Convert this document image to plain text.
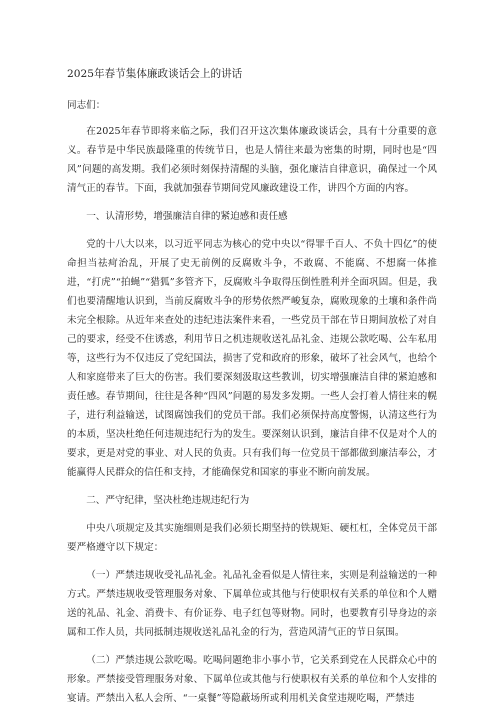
2025年春节集体廉政谈话会上的讲话
同志们：

在2025年春节即将来临之际，我们召开这次集体廉政谈话会，具有十分重要的意义。春节是中华民族最隆重的传统节日，也是人情往来最为密集的时期，同时也是“四风”问题的高发期。我们必须时刻保持清醒的头脑，强化廉洁自律意识，确保过一个风清气正的春节。下面，我就加强春节期间党风廉政建设工作，讲四个方面的内容。

一、认清形势，增强廉洁自律的紧迫感和责任感

党的十八大以来，以习近平同志为核心的党中央以“得罪千百人、不负十四亿”的使命担当祛疴治乱，开展了史无前例的反腐败斗争，不敢腐、不能腐、不想腐一体推进，“打虎”“拍蝇”“猎狐”多管齐下，反腐败斗争取得压倒性胜利并全面巩固。但是，我们也要清醒地认识到，当前反腐败斗争的形势依然严峻复杂，腐败现象的土壤和条件尚未完全根除。从近年来查处的违纪违法案件来看，一些党员干部在节日期间放松了对自己的要求，经受不住诱惑，利用节日之机违规收送礼品礼金、违规公款吃喝、公车私用等，这些行为不仅违反了党纪国法，损害了党和政府的形象，破坏了社会风气，也给个人和家庭带来了巨大的伤害。我们要深刻汲取这些教训，切实增强廉洁自律的紧迫感和责任感。春节期间，往往是各种“四风”问题的易发多发期。一些人会打着人情往来的幌子，进行利益输送，试图腐蚀我们的党员干部。我们必须保持高度警惕，认清这些行为的本质，坚决杜绝任何违规违纪行为的发生。要深刻认识到，廉洁自律不仅是对个人的要求，更是对党的事业、对人民的负责。只有我们每一位党员干部都做到廉洁奉公，才能赢得人民群众的信任和支持，才能确保党和国家的事业不断向前发展。

二、严守纪律，坚决杜绝违规违纪行为

中央八项规定及其实施细则是我们必须长期坚持的铁规矩、硬杠杠，全体党员干部要严格遵守以下规定：

（一）严禁违规收受礼品礼金。礼品礼金看似是人情往来，实则是利益输送的一种方式。严禁违规收受管理服务对象、下属单位或其他与行使职权有关系的单位和个人赠送的礼品、礼金、消费卡、有价证券、电子红包等财物。同时，也要教育引导身边的亲属和工作人员，共同抵制违规收送礼品礼金的行为，营造风清气正的节日氛围。

（二）严禁违规公款吃喝。吃喝问题绝非小事小节，它关系到党在人民群众心中的形象。严禁接受管理服务对象、下属单位或其他与行使职权有关系的单位和个人安排的宴请。严禁出入私人会所、“一桌餐”等隐蔽场所或利用机关食堂违规吃喝，严禁违
